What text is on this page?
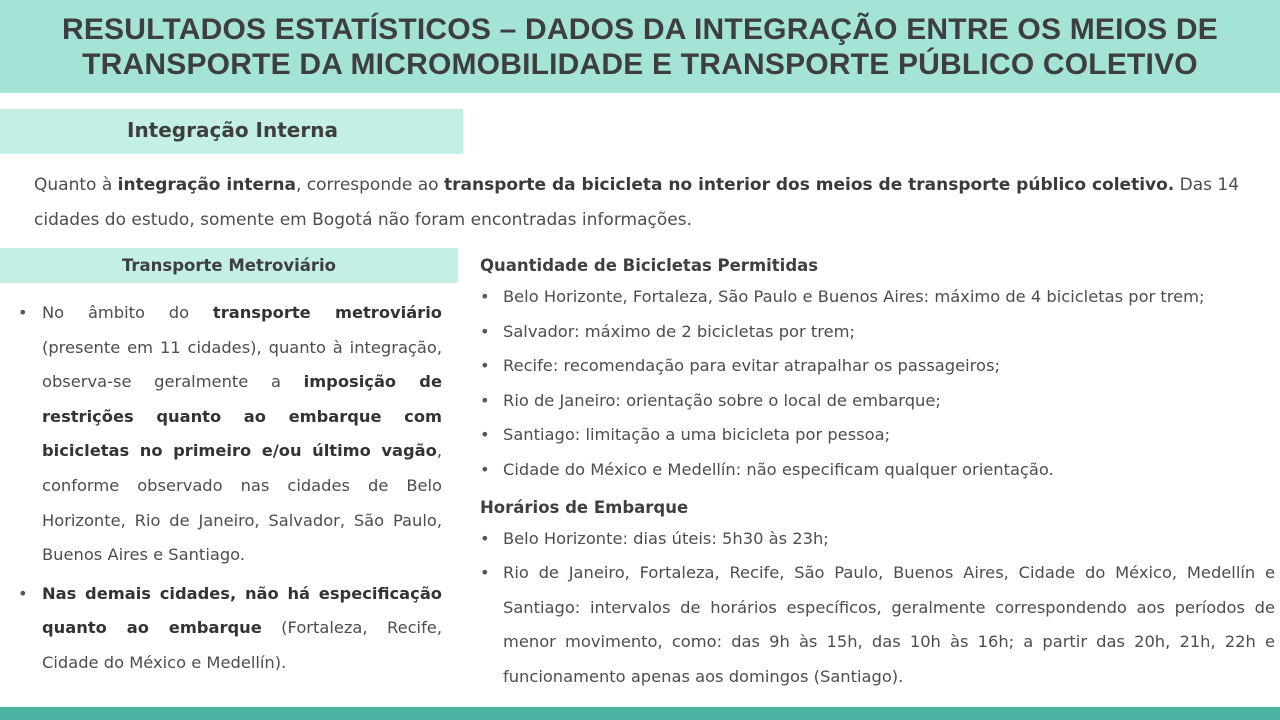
RESULTADOS ESTATÍSTICOS – DADOS DA INTEGRAÇÃO ENTRE OS MEIOS DE
TRANSPORTE DA MICROMOBILIDADE E TRANSPORTE PÚBLICO COLETIVO

Integração Interna

Quanto à integração interna, corresponde ao transporte da bicicleta no interior dos meios de transporte público coletivo. Das 14 cidades do estudo, somente em Bogotá não foram encontradas informações.

Transporte Metroviário
• No âmbito do transporte metroviário (presente em 11 cidades), quanto à integração, observa-se geralmente a imposição de restrições quanto ao embarque com bicicletas no primeiro e/ou último vagão, conforme observado nas cidades de Belo Horizonte, Rio de Janeiro, Salvador, São Paulo, Buenos Aires e Santiago.
• Nas demais cidades, não há especificação quanto ao embarque (Fortaleza, Recife, Cidade do México e Medellín).

Quantidade de Bicicletas Permitidas

• Belo Horizonte, Fortaleza, São Paulo e Buenos Aires: máximo de 4 bicicletas por trem;
• Salvador: máximo de 2 bicicletas por trem;
• Recife: recomendação para evitar atrapalhar os passageiros;
• Rio de Janeiro: orientação sobre o local de embarque;
• Santiago: limitação a uma bicicleta por pessoa;
• Cidade do México e Medellín: não especificam qualquer orientação.

Horários de Embarque

• Belo Horizonte: dias úteis: 5h30 às 23h;
• Rio de Janeiro, Fortaleza, Recife, São Paulo, Buenos Aires, Cidade do México, Medellín e Santiago: intervalos de horários específicos, geralmente correspondendo aos períodos de menor movimento, como: das 9h às 15h, das 10h às 16h; a partir das 20h, 21h, 22h e funcionamento apenas aos domingos (Santiago).
